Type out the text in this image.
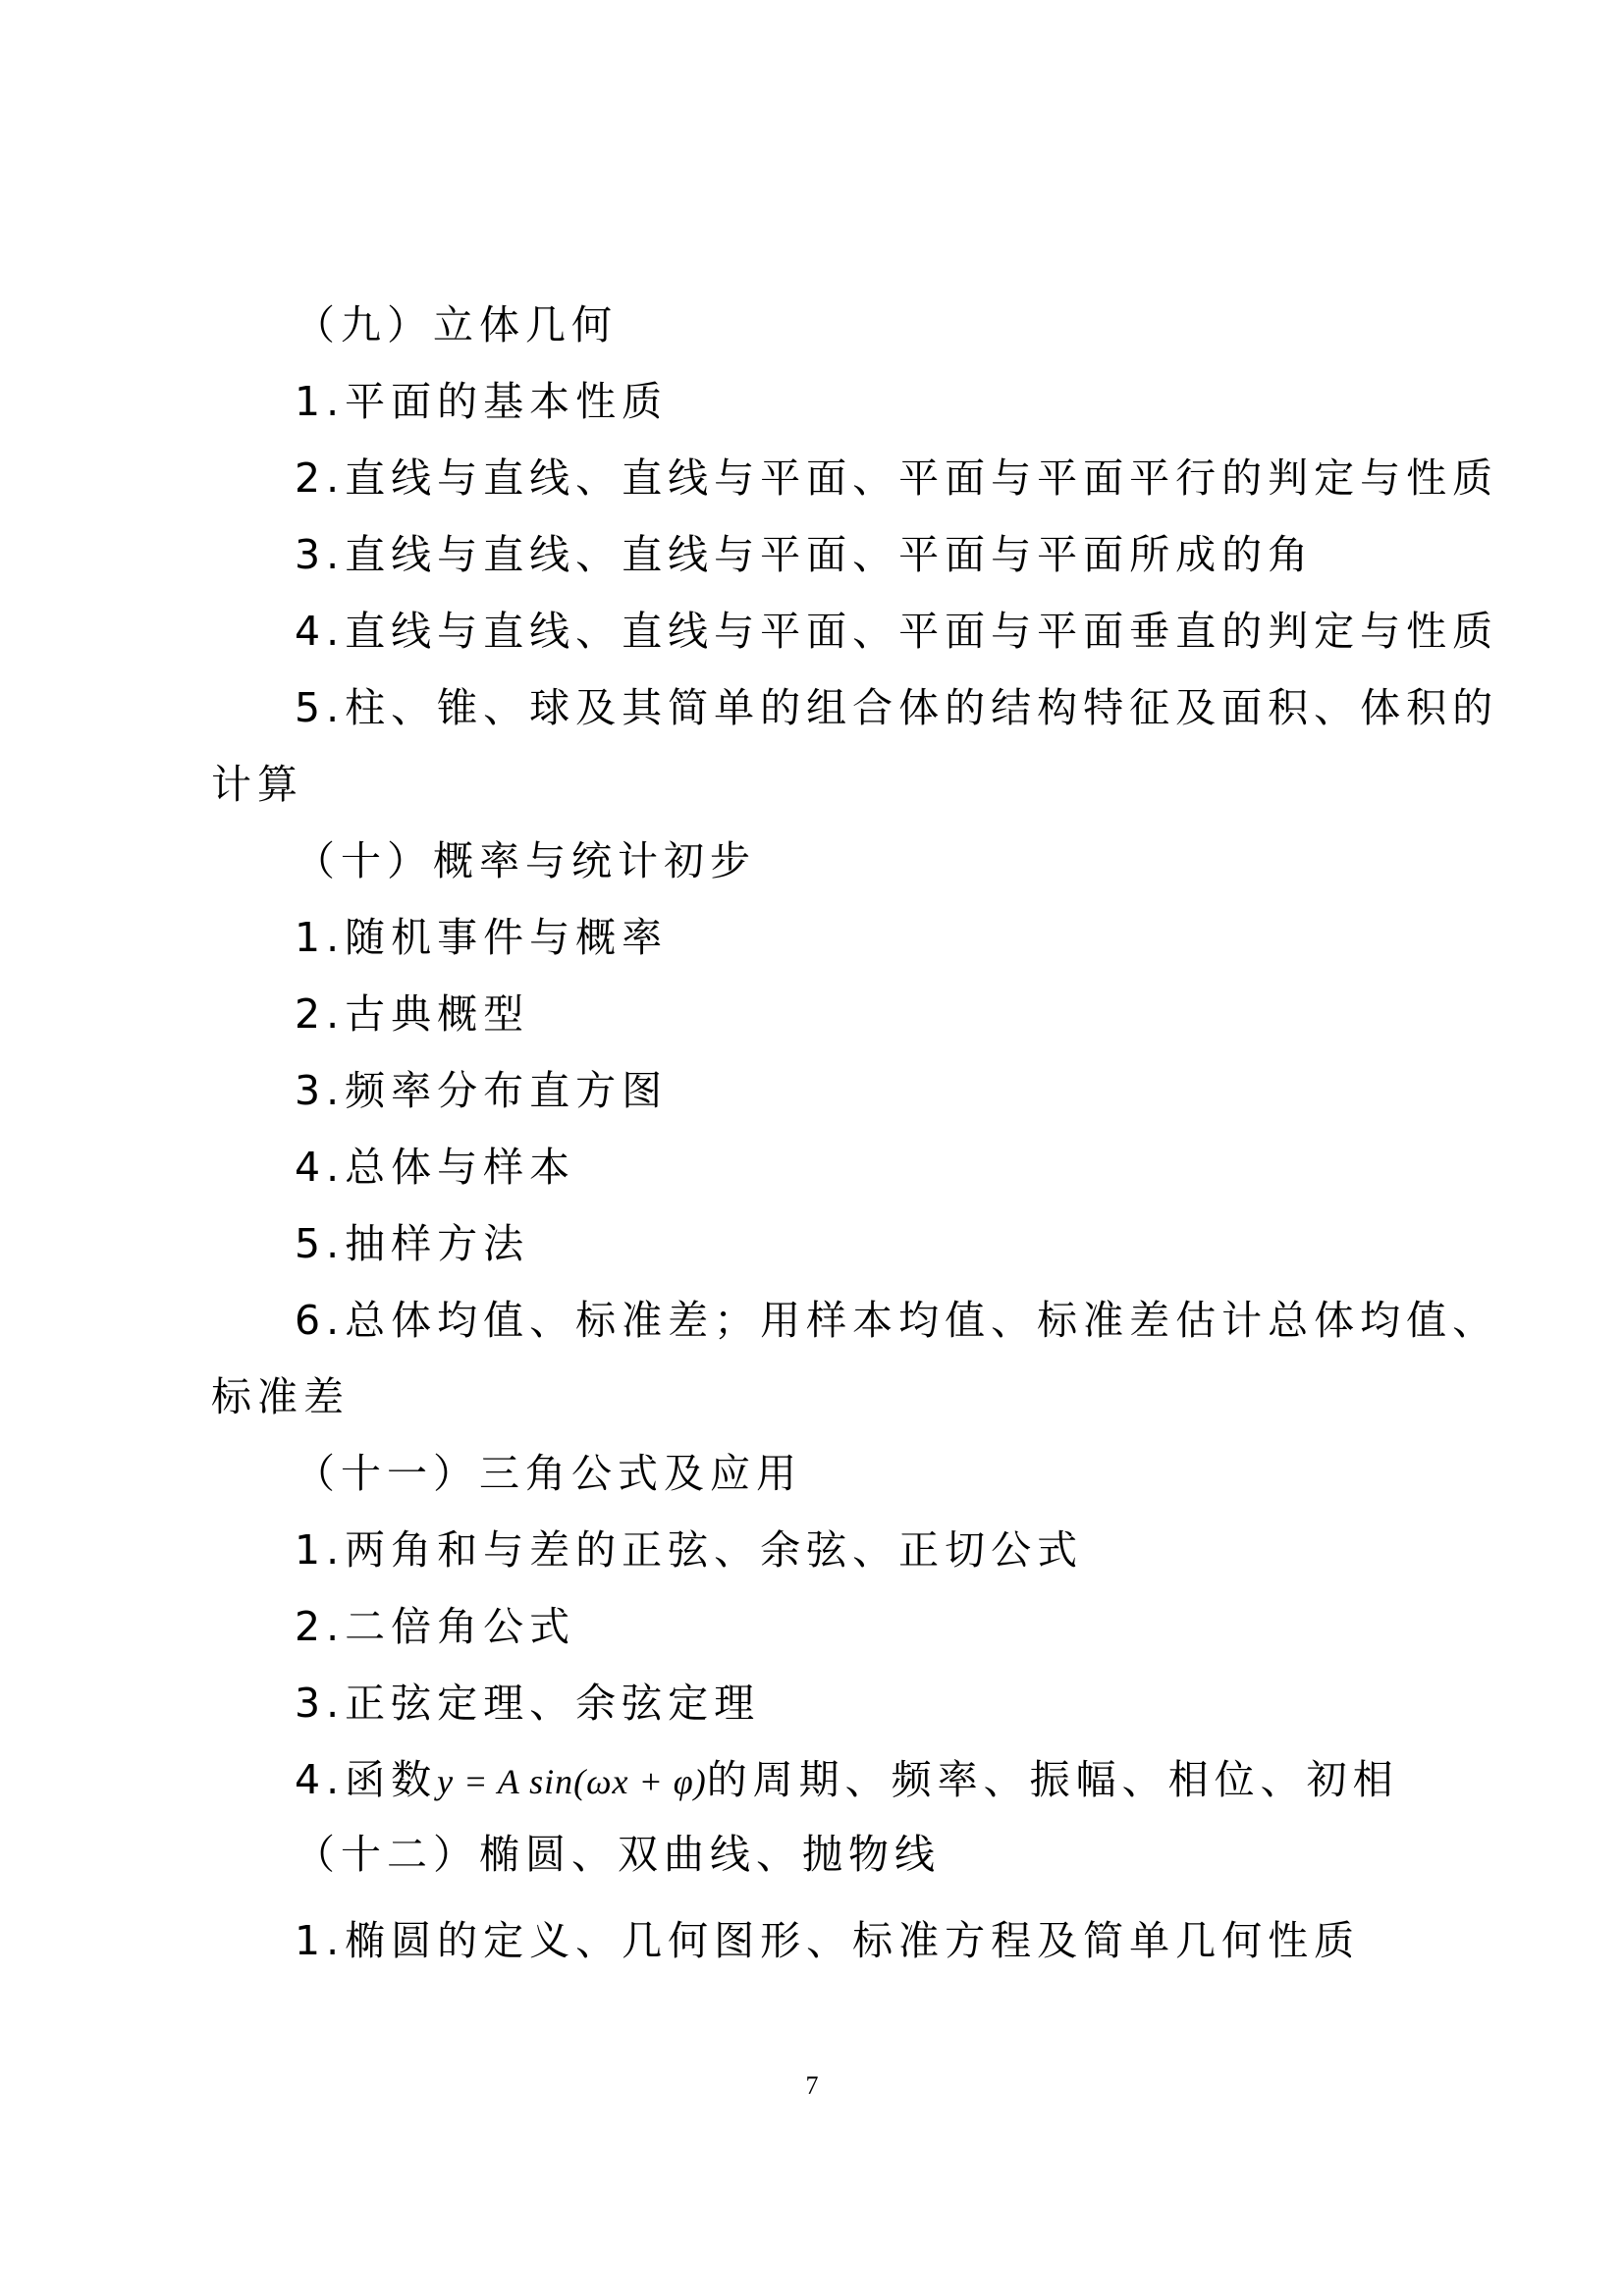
（九）立体几何
1.平面的基本性质
2.直线与直线、直线与平面、平面与平面平行的判定与性质
3.直线与直线、直线与平面、平面与平面所成的角
4.直线与直线、直线与平面、平面与平面垂直的判定与性质
5.柱、锥、球及其简单的组合体的结构特征及面积、体积的
计算
（十）概率与统计初步
1.随机事件与概率
2.古典概型
3.频率分布直方图
4.总体与样本
5.抽样方法
6.总体均值、标准差；用样本均值、标准差估计总体均值、
标准差
（十一）三角公式及应用
1.两角和与差的正弦、余弦、正切公式
2.二倍角公式
3.正弦定理、余弦定理
4.函数y = A sin(ωx + φ)的周期、频率、振幅、相位、初相
（十二）椭圆、双曲线、抛物线
1.椭圆的定义、几何图形、标准方程及简单几何性质
7
